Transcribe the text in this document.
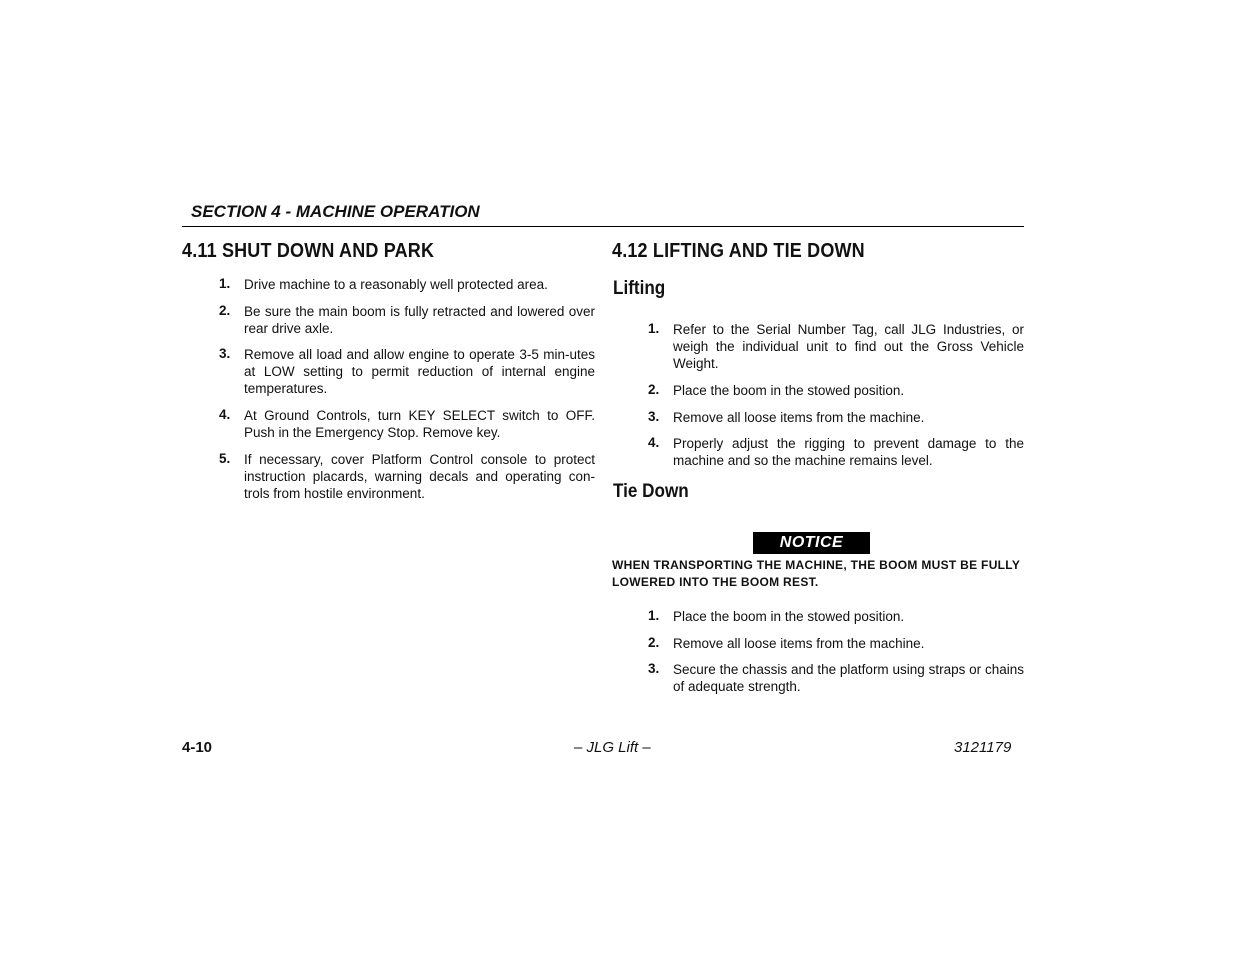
SECTION 4 - MACHINE OPERATION
4.11 SHUT DOWN AND PARK
1.	Drive machine to a reasonably well protected area.
2.	Be sure the main boom is fully retracted and lowered over rear drive axle.
3.	Remove all load and allow engine to operate 3-5 min-utes at LOW setting to permit reduction of internal engine temperatures.
4.	At Ground Controls, turn KEY SELECT switch to OFF. Push in the Emergency Stop. Remove key.
5.	If necessary, cover Platform Control console to protect instruction placards, warning decals and operating con-trols from hostile environment.
4.12 LIFTING AND TIE DOWN
Lifting
1.	Refer to the Serial Number Tag, call JLG Industries, or weigh the individual unit to find out the Gross Vehicle Weight.
2.	Place the boom in the stowed position.
3.	Remove all loose items from the machine.
4.	Properly adjust the rigging to prevent damage to the machine and so the machine remains level.
Tie Down
NOTICE
WHEN TRANSPORTING THE MACHINE, THE BOOM MUST BE FULLY LOWERED INTO THE BOOM REST.
1.	Place the boom in the stowed position.
2.	Remove all loose items from the machine.
3.	Secure the chassis and the platform using straps or chains of adequate strength.
4-10	– JLG Lift –	3121179
